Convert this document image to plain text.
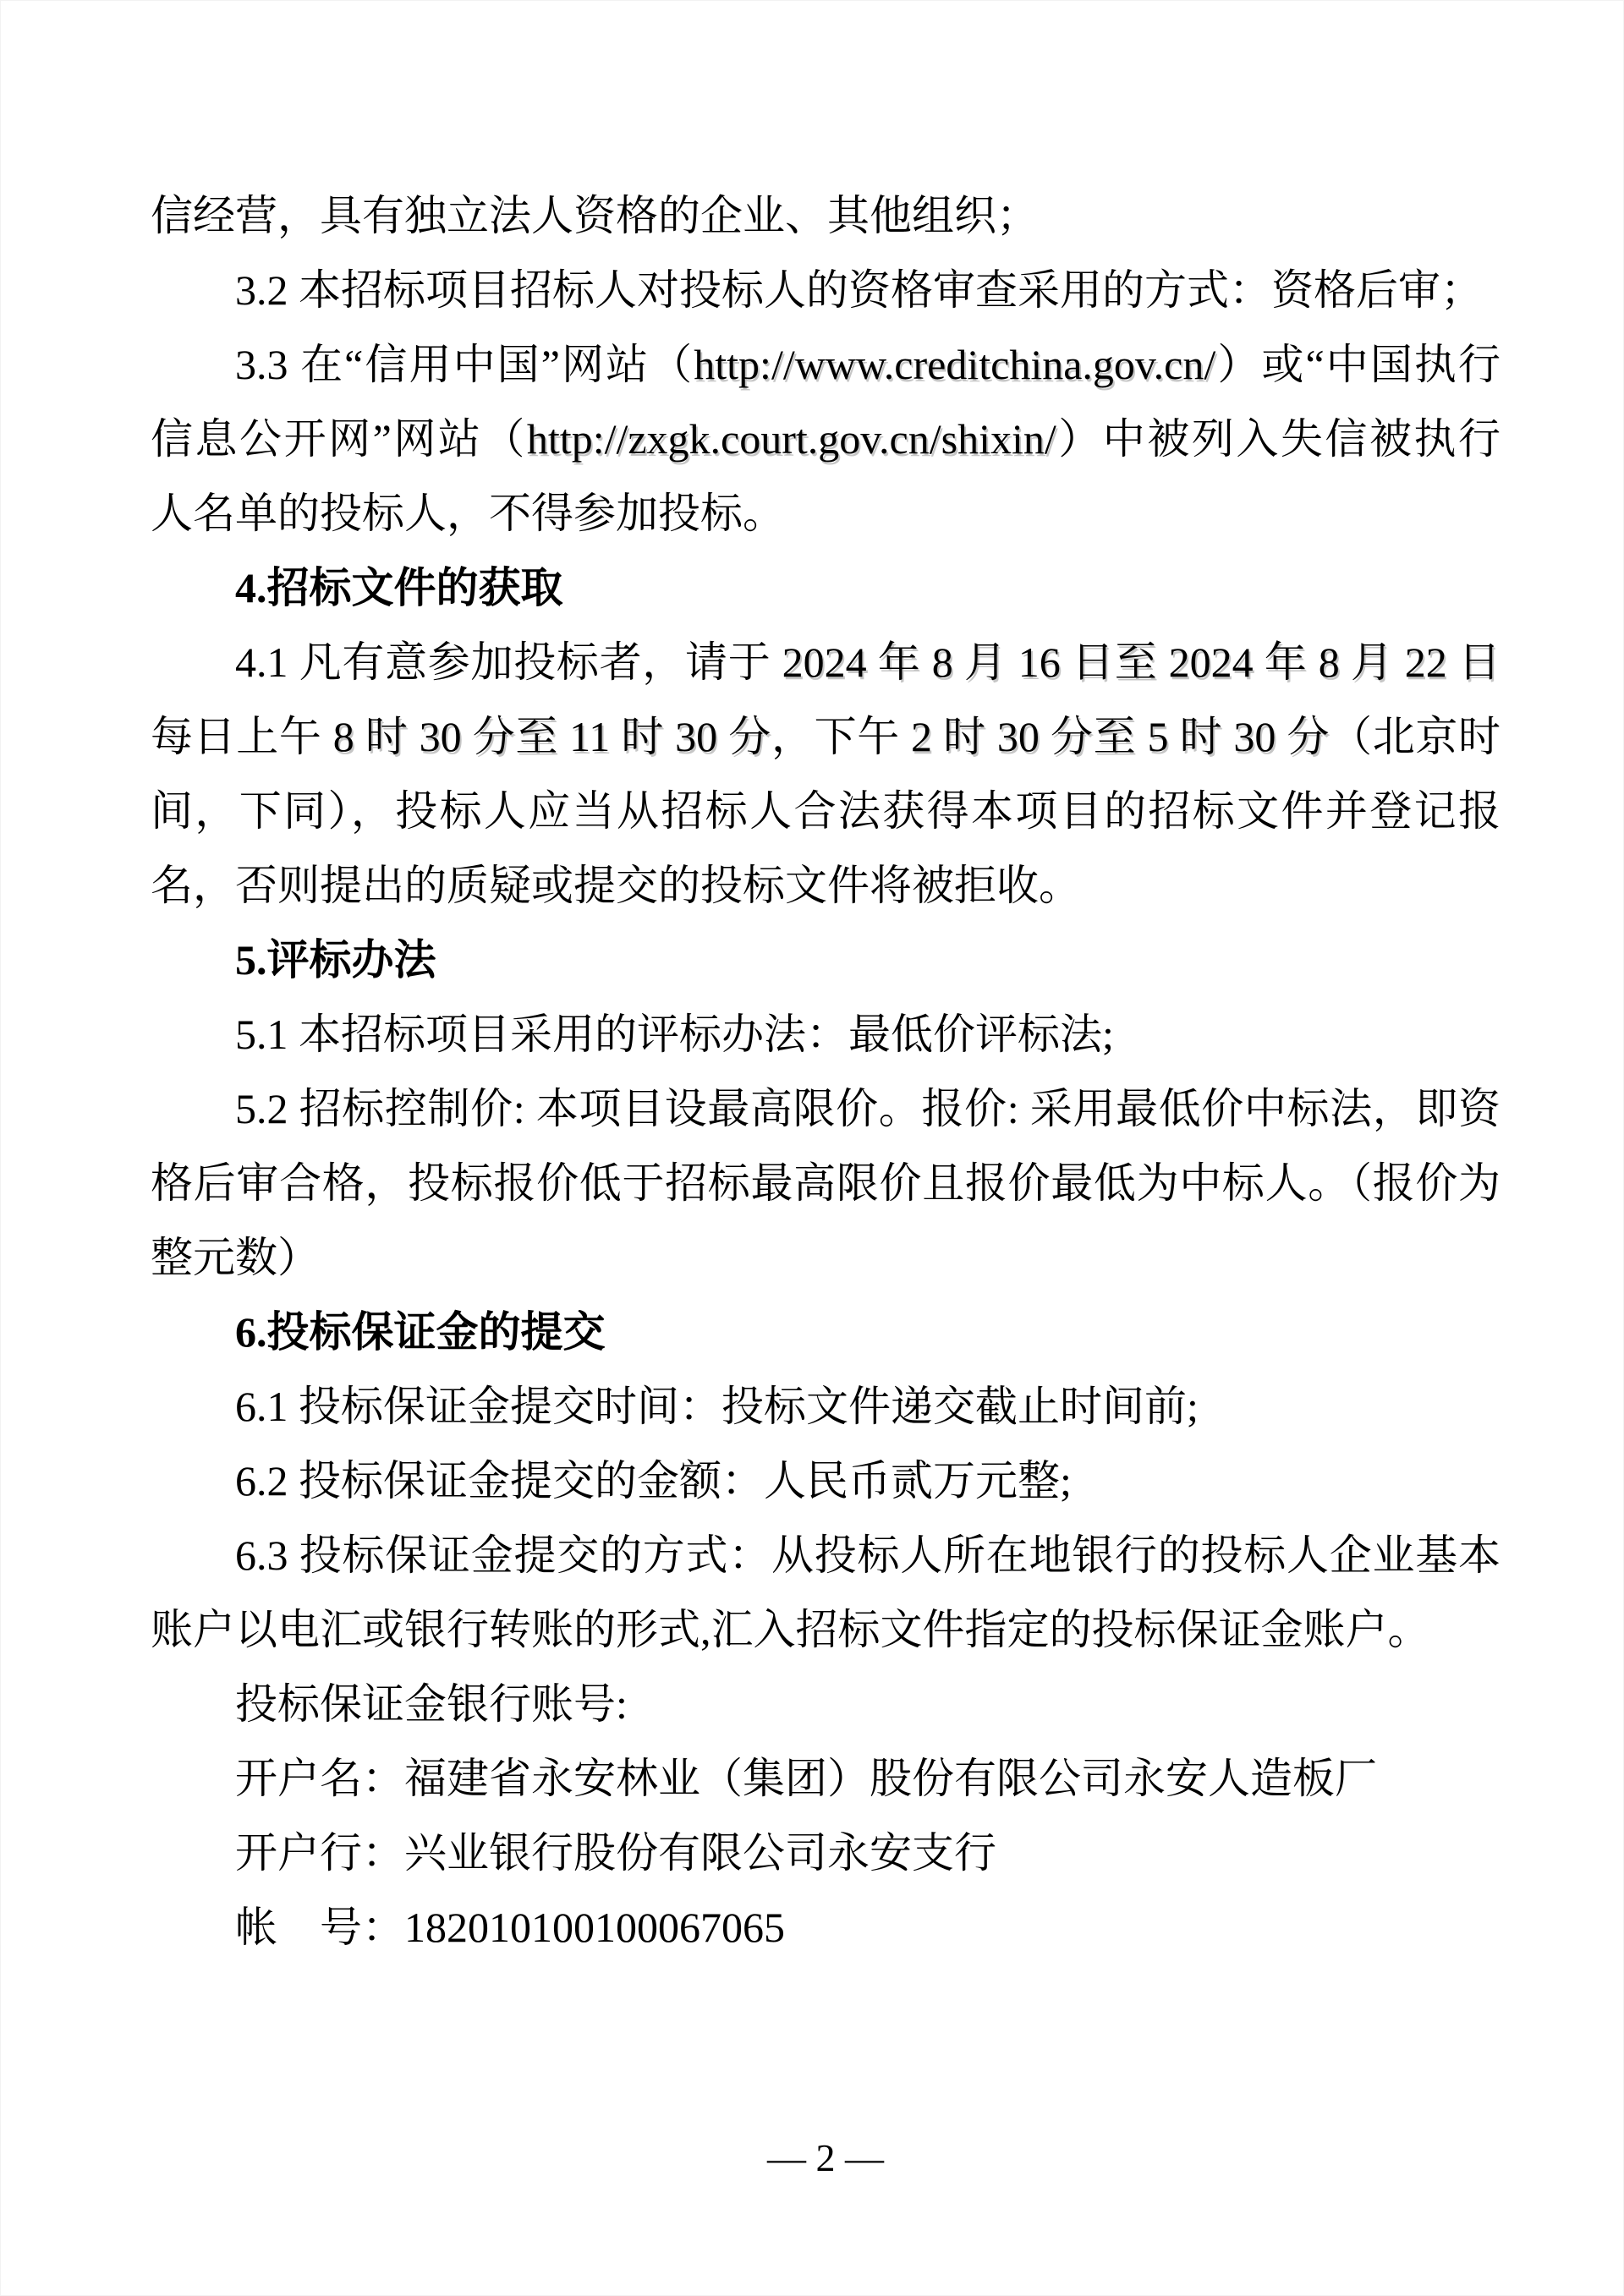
信经营，具有独立法人资格的企业、其他组织；

3.2 本招标项目招标人对投标人的资格审查采用的方式：资格后审；

3.3 在“信用中国”网站（http://www.creditchina.gov.cn/）或“中国执行信息公开网”网站（http://zxgk.court.gov.cn/shixin/）中被列入失信被执行人名单的投标人，不得参加投标。

4.招标文件的获取

4.1 凡有意参加投标者，请于 2024 年 8 月 16 日至 2024 年 8 月 22 日每日上午 8 时 30 分至 11 时 30 分，下午 2 时 30 分至 5 时 30 分（北京时间，下同），投标人应当从招标人合法获得本项目的招标文件并登记报名，否则提出的质疑或提交的投标文件将被拒收。

5.评标办法

5.1 本招标项目采用的评标办法：最低价评标法;

5.2 招标控制价: 本项目设最高限价。报价: 采用最低价中标法，即资格后审合格，投标报价低于招标最高限价且报价最低为中标人。（报价为整元数）

6.投标保证金的提交

6.1 投标保证金提交时间：投标文件递交截止时间前;

6.2 投标保证金提交的金额：人民币贰万元整;

6.3 投标保证金提交的方式：从投标人所在地银行的投标人企业基本账户以电汇或银行转账的形式,汇入招标文件指定的投标保证金账户。

投标保证金银行账号:

开户名：福建省永安林业（集团）股份有限公司永安人造板厂

开户行：兴业银行股份有限公司永安支行

帐　号：182010100100067065

— 2 —
